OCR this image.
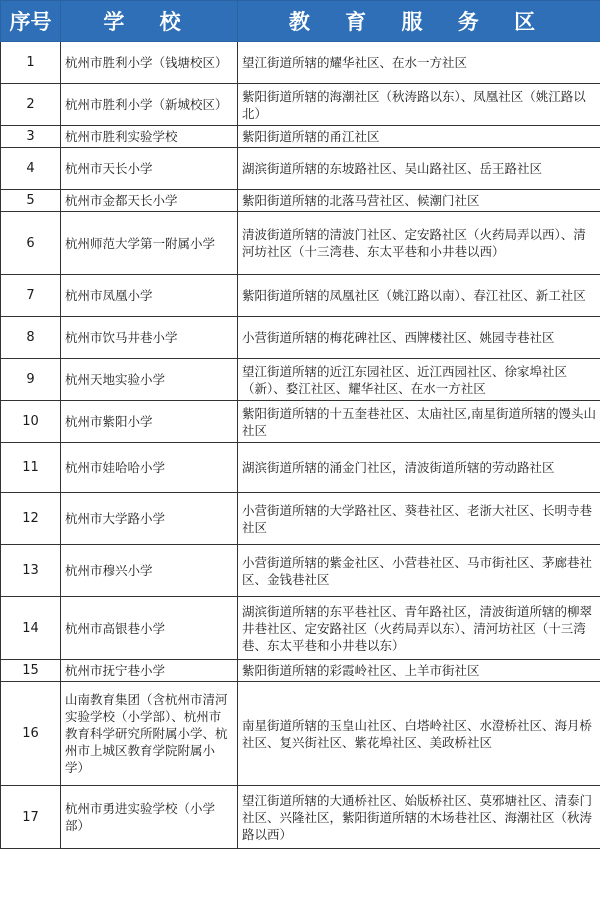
序号	学 校	教 育 服 务 区
1	杭州市胜利小学（钱塘校区）	望江街道所辖的耀华社区、在水一方社区
2	杭州市胜利小学（新城校区）	紫阳街道所辖的海潮社区（秋涛路以东）、凤凰社区（姚江路以北）
3	杭州市胜利实验学校	紫阳街道所辖的甬江社区
4	杭州市天长小学	湖滨街道所辖的东坡路社区、吴山路社区、岳王路社区
5	杭州市金都天长小学	紫阳街道所辖的北落马营社区、候潮门社区
6	杭州师范大学第一附属小学	清波街道所辖的清波门社区、定安路社区（火药局弄以西）、清河坊社区（十三湾巷、东太平巷和小井巷以西）
7	杭州市凤凰小学	紫阳街道所辖的凤凰社区（姚江路以南）、春江社区、新工社区
8	杭州市饮马井巷小学	小营街道所辖的梅花碑社区、西牌楼社区、姚园寺巷社区
9	杭州天地实验小学	望江街道所辖的近江东园社区、近江西园社区、徐家埠社区（新）、婺江社区、耀华社区、在水一方社区
10	杭州市紫阳小学	紫阳街道所辖的十五奎巷社区、太庙社区,南星街道所辖的馒头山社区
11	杭州市娃哈哈小学	湖滨街道所辖的涌金门社区，清波街道所辖的劳动路社区
12	杭州市大学路小学	小营街道所辖的大学路社区、葵巷社区、老浙大社区、长明寺巷社区
13	杭州市穆兴小学	小营街道所辖的紫金社区、小营巷社区、马市街社区、茅廊巷社区、金钱巷社区
14	杭州市高银巷小学	湖滨街道所辖的东平巷社区、青年路社区，清波街道所辖的柳翠井巷社区、定安路社区（火药局弄以东）、清河坊社区（十三湾巷、东太平巷和小井巷以东）
15	杭州市抚宁巷小学	紫阳街道所辖的彩霞岭社区、上羊市街社区
16	山南教育集团（含杭州市清河实验学校（小学部）、杭州市教育科学研究所附属小学、杭州市上城区教育学院附属小学）	南星街道所辖的玉皇山社区、白塔岭社区、水澄桥社区、海月桥社区、复兴街社区、紫花埠社区、美政桥社区
17	杭州市勇进实验学校（小学部）	望江街道所辖的大通桥社区、始版桥社区、莫邪塘社区、清泰门社区、兴隆社区，紫阳街道所辖的木场巷社区、海潮社区（秋涛路以西）
